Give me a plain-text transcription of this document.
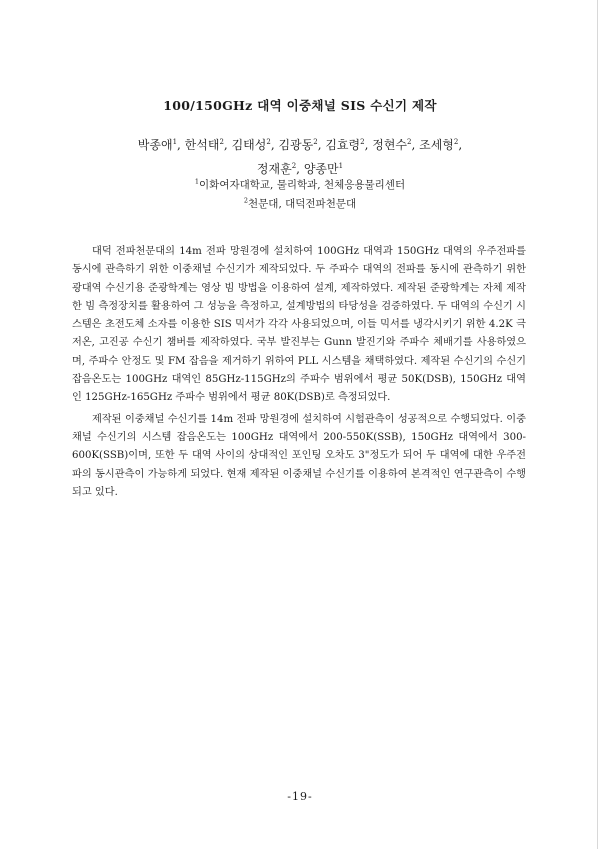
100/150GHz 대역 이중채널 SIS 수신기 제작
박종애$^1$, 한석태$^2$, 김태성$^2$, 김광동$^2$, 김효령$^2$, 정현수$^2$, 조세형$^2$,
정재훈$^2$, 양종만$^1$
$^1$이화여자대학교, 물리학과, 천체응용물리센터
$^2$천문대, 대덕전파천문대

대덕 전파천문대의 14m 전파 망원경에 설치하여 100GHz 대역과 150GHz 대역의 우주전파를 동시에 관측하기 위한 이중채널 수신기가 제작되었다. 두 주파수 대역의 전파를 동시에 관측하기 위한 광대역 수신기용 준광학계는 영상 빔 방법을 이용하여 설계, 제작하였다. 제작된 준광학계는 자체 제작한 빔 측정장치를 활용하여 그 성능을 측정하고, 설계방법의 타당성을 검증하였다. 두 대역의 수신기 시스템은 초전도체 소자를 이용한 SIS 믹서가 각각 사용되었으며, 이들 믹서를 냉각시키기 위한 4.2K 극저온, 고진공 수신기 챔버를 제작하였다. 국부 발진부는 Gunn 발진기와 주파수 체배기를 사용하였으며, 주파수 안정도 및 FM 잡음을 제거하기 위하여 PLL 시스템을 채택하였다. 제작된 수신기의 수신기 잡음온도는 100GHz 대역인 85GHz-115GHz의 주파수 범위에서 평균 50K(DSB), 150GHz 대역인 125GHz-165GHz 주파수 범위에서 평균 80K(DSB)로 측정되었다.

제작된 이중채널 수신기를 14m 전파 망원경에 설치하여 시험관측이 성공적으로 수행되었다. 이중채널 수신기의 시스템 잡음온도는 100GHz 대역에서 200-550K(SSB), 150GHz 대역에서 300- 600K(SSB)이며, 또한 두 대역 사이의 상대적인 포인팅 오차도 3"정도가 되어 두 대역에 대한 우주전파의 동시관측이 가능하게 되었다. 현재 제작된 이중채널 수신기를 이용하여 본격적인 연구관측이 수행되고 있다.

-19-
